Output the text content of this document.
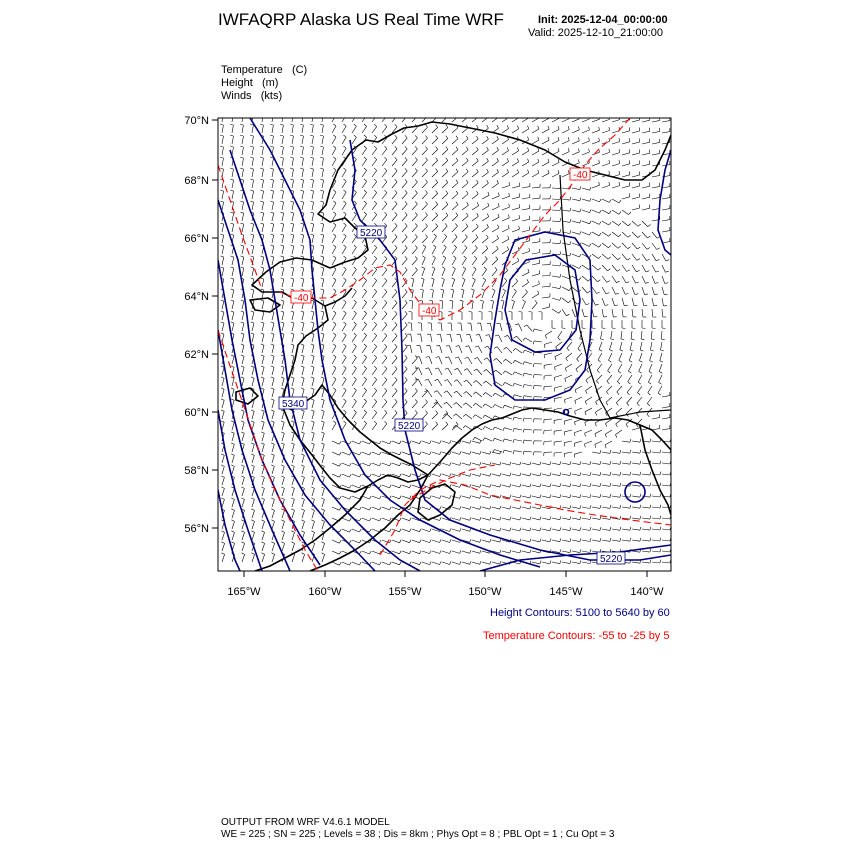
IWFAQRP Alaska US Real Time WRF	Init: 2025-12-04_00:00:00
Valid: 2025-12-10_21:00:00
Temperature (C)
Height (m)
Winds (kts)
5220
5220
5220
5340
-40
-40
-40
70°N
68°N
66°N
64°N
62°N
60°N
58°N
56°N
165°W	160°W	155°W	150°W	145°W	140°W
Height Contours: 5100 to 5640 by 60
Temperature Contours: -55 to -25 by 5
OUTPUT FROM WRF V4.6.1 MODEL
WE = 225 ; SN = 225 ; Levels = 38 ; Dis = 8km ; Phys Opt = 8 ; PBL Opt = 1 ; Cu Opt = 3
